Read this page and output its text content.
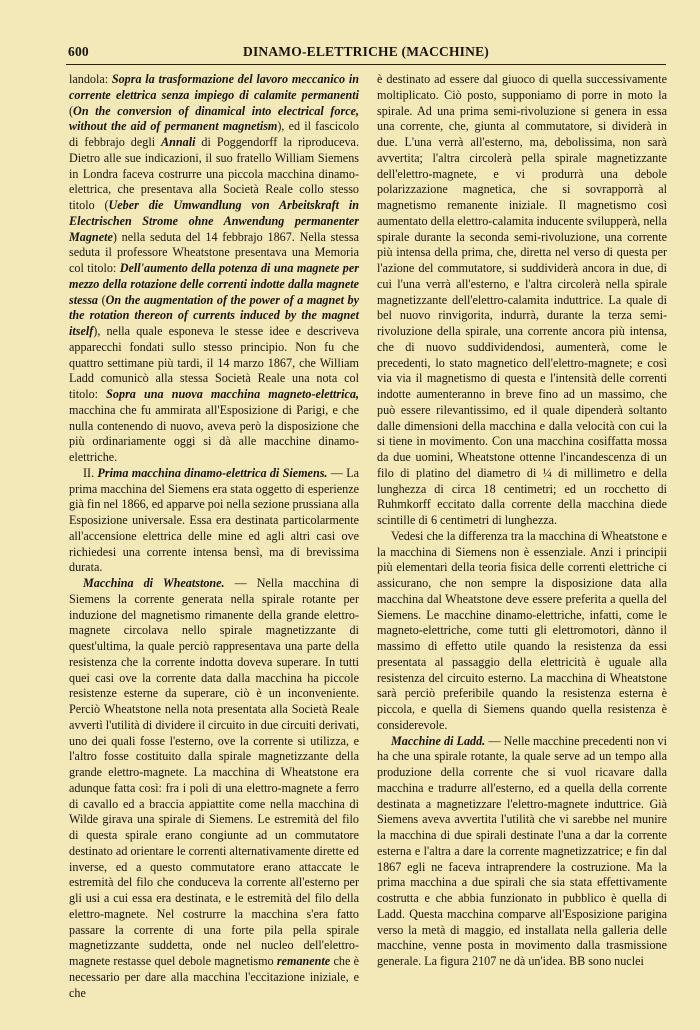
600	DINAMO-ELETTRICHE (MACCHINE)

landola: Sopra la trasformazione del lavoro meccanico in corrente elettrica senza impiego di calamite permanenti (On the conversion of dinamical into electrical force, without the aid of permanent magnetism), ed il fascicolo di febbrajo degli Annali di Poggendorff la riproduceva. Dietro alle sue indicazioni, il suo fratello William Siemens in Londra faceva costrurre una piccola macchina dinamo-elettrica, che presentava alla Società Reale collo stesso titolo (Ueber die Umwandlung von Arbeitskraft in Electrischen Strome ohne Anwendung permanenter Magnete) nella seduta del 14 febbrajo 1867. Nella stessa seduta il professore Wheatstone presentava una Memoria col titolo: Dell'aumento della potenza di una magnete per mezzo della rotazione delle correnti indotte dalla magnete stessa (On the augmentation of the power of a magnet by the rotation thereon of currents induced by the magnet itself), nella quale esponeva le stesse idee e descriveva apparecchi fondati sullo stesso principio. Non fu che quattro settimane più tardi, il 14 marzo 1867, che William Ladd comunicò alla stessa Società Reale una nota col titolo: Sopra una nuova macchina magneto-elettrica, macchina che fu ammirata all'Esposizione di Parigi, e che nulla contenendo di nuovo, aveva però la disposizione che più ordinariamente oggi si dà alle macchine dinamo-elettriche.

II. Prima macchina dinamo-elettrica di Siemens. — La prima macchina del Siemens era stata oggetto di esperienze già fin nel 1866, ed apparve poi nella sezione prussiana alla Esposizione universale. Essa era destinata particolarmente all'accensione elettrica delle mine ed agli altri casi ove richiedesi una corrente intensa bensì, ma di brevissima durata.

Macchina di Wheatstone. — Nella macchina di Siemens la corrente generata nella spirale rotante per induzione del magnetismo rimanente della grande elettro-magnete circolava nello spirale magnetizzante di quest'ultima, la quale perciò rappresentava una parte della resistenza che la corrente indotta doveva superare. In tutti quei casi ove la corrente data dalla macchina ha piccole resistenze esterne da superare, ciò è un inconveniente. Perciò Wheatstone nella nota presentata alla Società Reale avvertì l'utilità di dividere il circuito in due circuiti derivati, uno dei quali fosse l'esterno, ove la corrente si utilizza, e l'altro fosse costituito dalla spirale magnetizzante della grande elettro-magnete. La macchina di Wheatstone era adunque fatta così: fra i poli di una elettro-magnete a ferro di cavallo ed a braccia appiattite come nella macchina di Wilde girava una spirale di Siemens. Le estremità del filo di questa spirale erano congiunte ad un commutatore destinato ad orientare le correnti alternativamente dirette ed inverse, ed a questo commutatore erano attaccate le estremità del filo che conduceva la corrente all'esterno per gli usi a cui essa era destinata, e le estremità del filo della elettro-magnete. Nel costrurre la macchina s'era fatto passare la corrente di una forte pila pella spirale magnetizzante suddetta, onde nel nucleo dell'elettro-magnete restasse quel debole magnetismo remanente che è necessario per dare alla macchina l'eccitazione iniziale, e che

è destinato ad essere dal giuoco di quella successivamente moltiplicato. Ciò posto, supponiamo di porre in moto la spirale. Ad una prima semi-rivoluzione si genera in essa una corrente, che, giunta al commutatore, si dividerà in due. L'una verrà all'esterno, ma, debolissima, non sarà avvertita; l'altra circolerà pella spirale magnetizzante dell'elettro-magnete, e vi produrrà una debole polarizzazione magnetica, che si sovrapporrà al magnetismo remanente iniziale. Il magnetismo così aumentato della elettro-calamita inducente svilupperà, nella spirale durante la seconda semi-rivoluzione, una corrente più intensa della prima, che, diretta nel verso di questa per l'azione del commutatore, si suddividerà ancora in due, di cui l'una verrà all'esterno, e l'altra circolerà nella spirale magnetizzante dell'elettro-calamita induttrice. La quale di bel nuovo rinvigorita, indurrà, durante la terza semi-rivoluzione della spirale, una corrente ancora più intensa, che di nuovo suddividendosi, aumenterà, come le precedenti, lo stato magnetico dell'elettro-magnete; e così via via il magnetismo di questa e l'intensità delle correnti indotte aumenteranno in breve fino ad un massimo, che può essere rilevantissimo, ed il quale dipenderà soltanto dalle dimensioni della macchina e dalla velocità con cui la si tiene in movimento. Con una macchina cosiffatta mossa da due uomini, Wheatstone ottenne l'incandescenza di un filo di platino del diametro di ¼ di millimetro e della lunghezza di circa 18 centimetri; ed un rocchetto di Ruhmkorff eccitato dalla corrente della macchina diede scintille di 6 centimetri di lunghezza.

Vedesi che la differenza tra la macchina di Wheatstone e la macchina di Siemens non è essenziale. Anzi i principii più elementari della teoria fisica delle correnti elettriche ci assicurano, che non sempre la disposizione data alla macchina dal Wheatstone deve essere preferita a quella del Siemens. Le macchine dinamo-elettriche, infatti, come le magneto-elettriche, come tutti gli elettromotori, dànno il massimo di effetto utile quando la resistenza da essi presentata al passaggio della elettricità è uguale alla resistenza del circuito esterno. La macchina di Wheatstone sarà perciò preferibile quando la resistenza esterna è piccola, e quella di Siemens quando quella resistenza è considerevole.

Macchine di Ladd. — Nelle macchine precedenti non vi ha che una spirale rotante, la quale serve ad un tempo alla produzione della corrente che si vuol ricavare dalla macchina e tradurre all'esterno, ed a quella della corrente destinata a magnetizzare l'elettro-magnete induttrice. Già Siemens aveva avvertita l'utilità che vi sarebbe nel munire la macchina di due spirali destinate l'una a dar la corrente esterna e l'altra a dare la corrente magnetizzatrice; e fin dal 1867 egli ne faceva intraprendere la costruzione. Ma la prima macchina a due spirali che sia stata effettivamente costrutta e che abbia funzionato in pubblico è quella di Ladd. Questa macchina comparve all'Esposizione parigina verso la metà di maggio, ed installata nella galleria delle macchine, venne posta in movimento dalla trasmissione generale. La figura 2107 ne dà un'idea. BB sono nuclei
